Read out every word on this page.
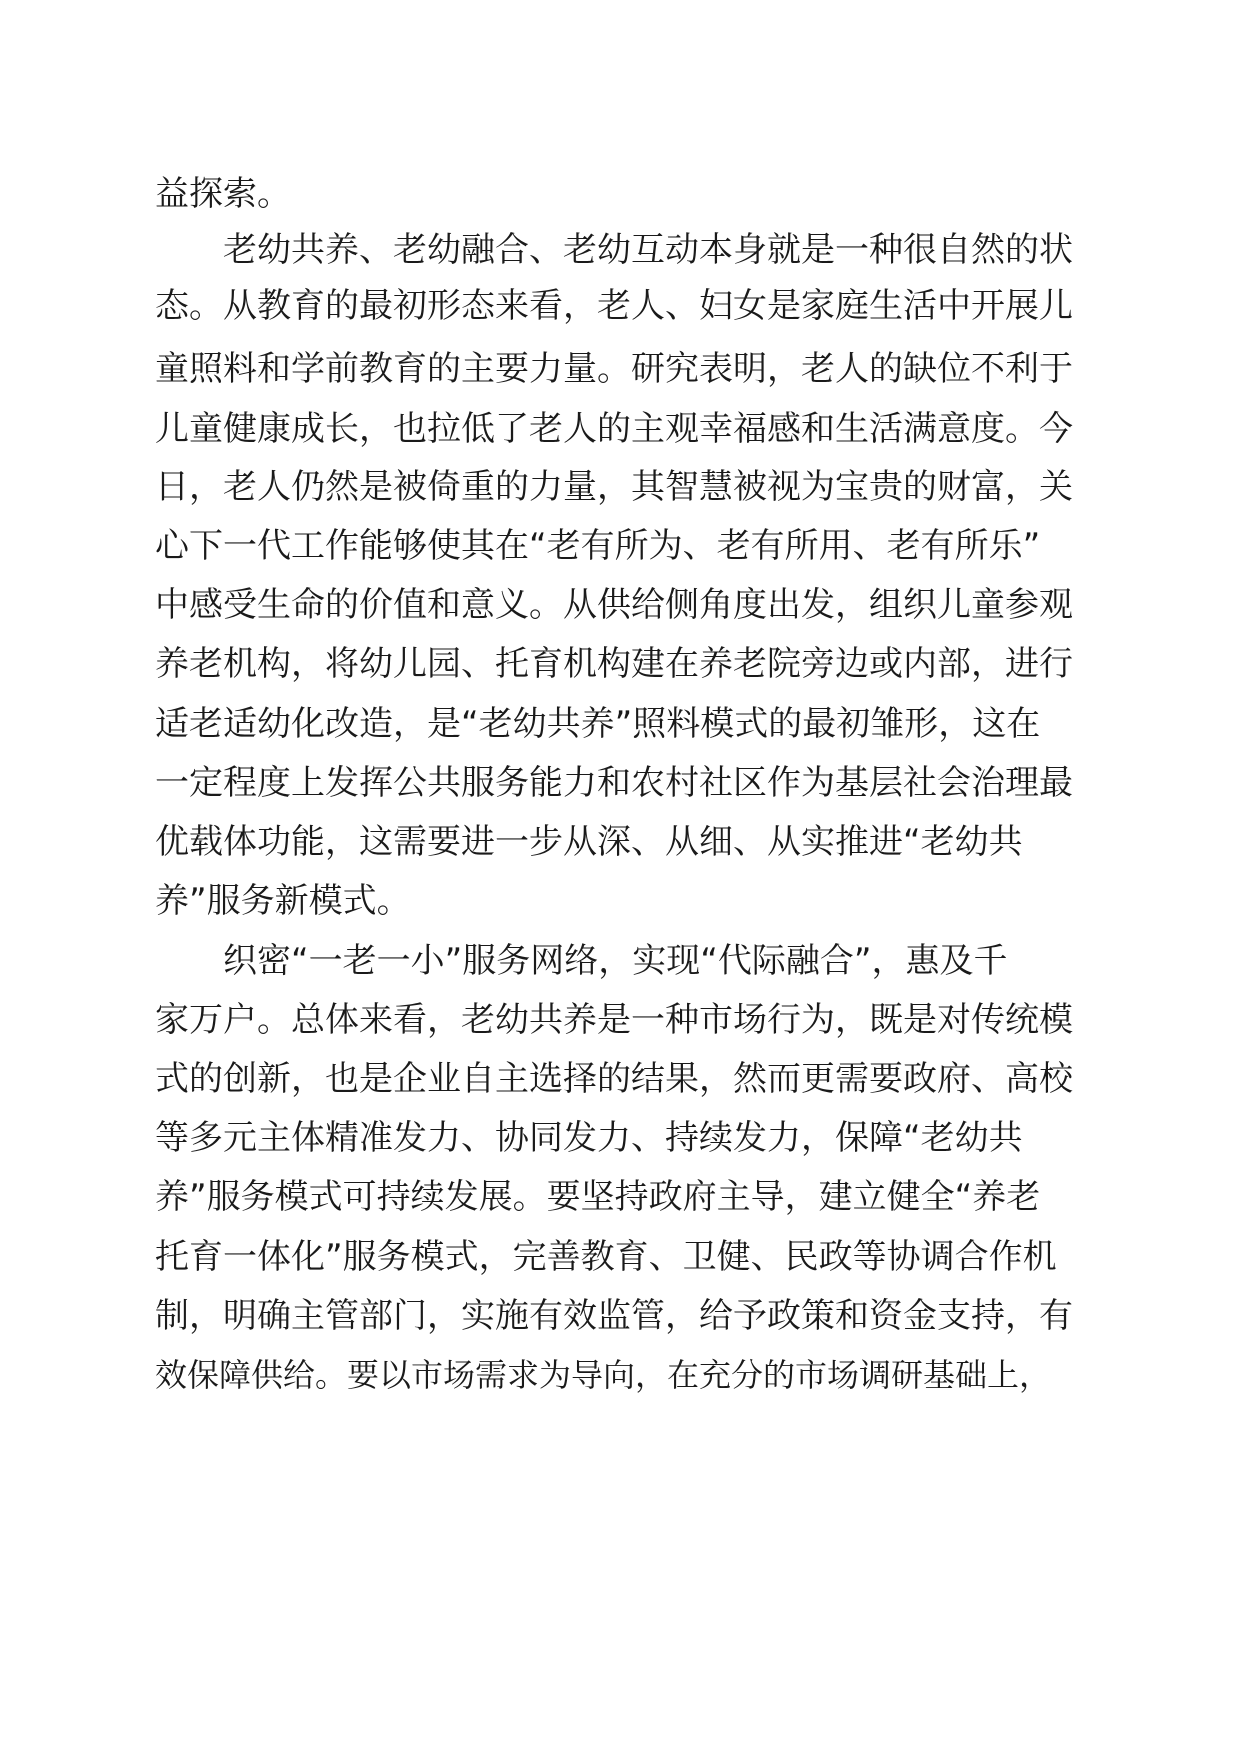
益探索。
老幼共养、老幼融合、老幼互动本身就是一种很自然的状
态。从教育的最初形态来看，老人、妇女是家庭生活中开展儿
童照料和学前教育的主要力量。研究表明，老人的缺位不利于
儿童健康成长，也拉低了老人的主观幸福感和生活满意度。今
日，老人仍然是被倚重的力量，其智慧被视为宝贵的财富，关
心下一代工作能够使其在“老有所为、老有所用、老有所乐”
中感受生命的价值和意义。从供给侧角度出发，组织儿童参观
养老机构，将幼儿园、托育机构建在养老院旁边或内部，进行
适老适幼化改造，是“老幼共养”照料模式的最初雏形，这在
一定程度上发挥公共服务能力和农村社区作为基层社会治理最
优载体功能，这需要进一步从深、从细、从实推进“老幼共
养”服务新模式。
织密“一老一小”服务网络，实现“代际融合”，惠及千
家万户。总体来看，老幼共养是一种市场行为，既是对传统模
式的创新，也是企业自主选择的结果，然而更需要政府、高校
等多元主体精准发力、协同发力、持续发力，保障“老幼共
养”服务模式可持续发展。要坚持政府主导，建立健全“养老
托育一体化”服务模式，完善教育、卫健、民政等协调合作机
制，明确主管部门，实施有效监管，给予政策和资金支持，有
效保障供给。要以市场需求为导向，在充分的市场调研基础上，
